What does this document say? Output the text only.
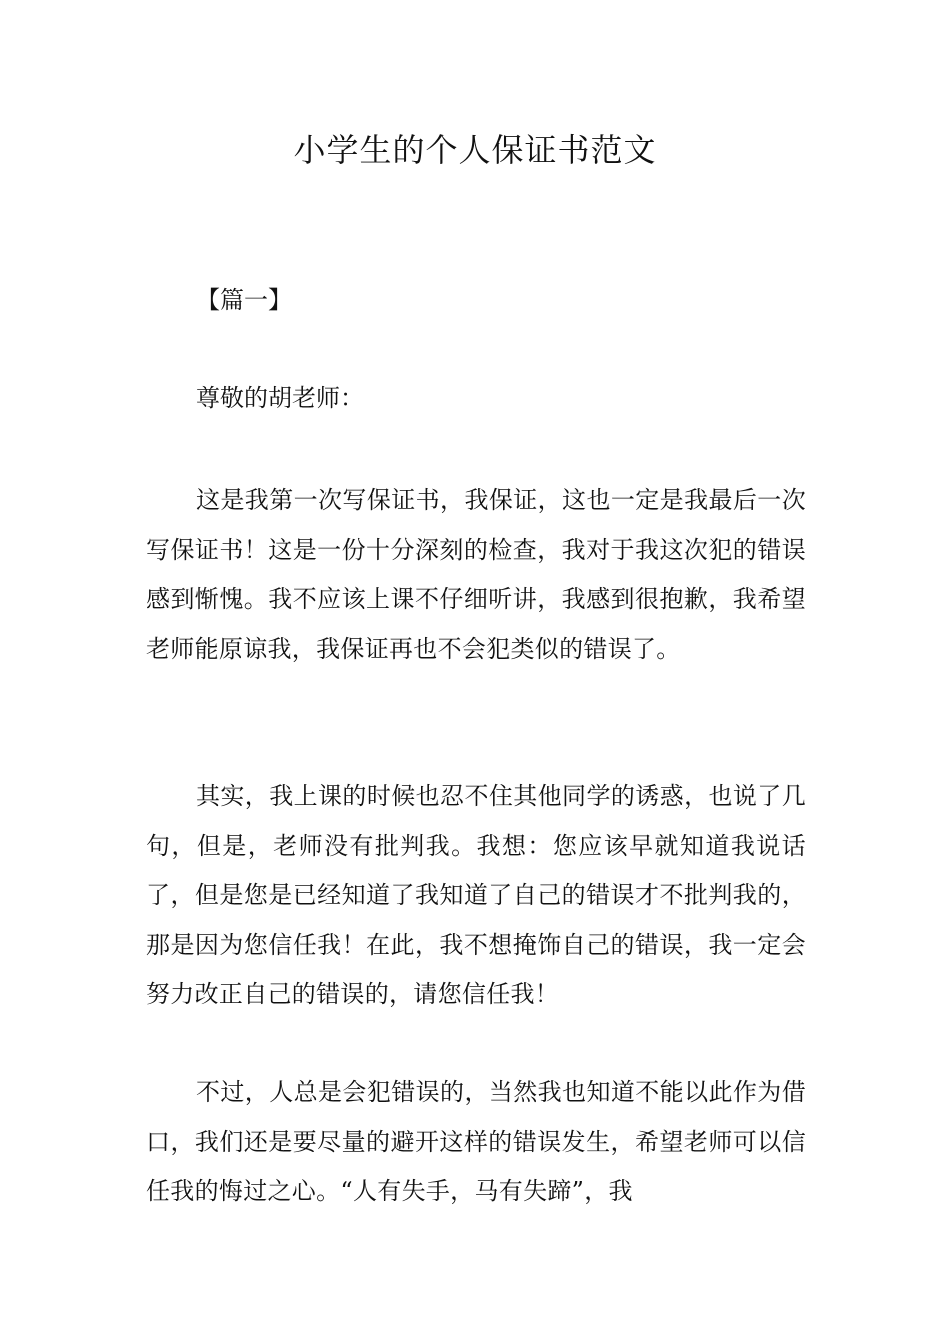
小学生的个人保证书范文

【篇一】

尊敬的胡老师：

这是我第一次写保证书，我保证，这也一定是我最后一次写保证书！这是一份十分深刻的检查，我对于我这次犯的错误感到惭愧。我不应该上课不仔细听讲，我感到很抱歉，我希望老师能原谅我，我保证再也不会犯类似的错误了。

其实，我上课的时候也忍不住其他同学的诱惑，也说了几句，但是，老师没有批判我。我想：您应该早就知道我说话了，但是您是已经知道了我知道了自己的错误才不批判我的，那是因为您信任我！在此，我不想掩饰自己的错误，我一定会努力改正自己的错误的，请您信任我！

不过，人总是会犯错误的，当然我也知道不能以此作为借口，我们还是要尽量的避开这样的错误发生，希望老师可以信任我的悔过之心。“人有失手，马有失蹄”，我
